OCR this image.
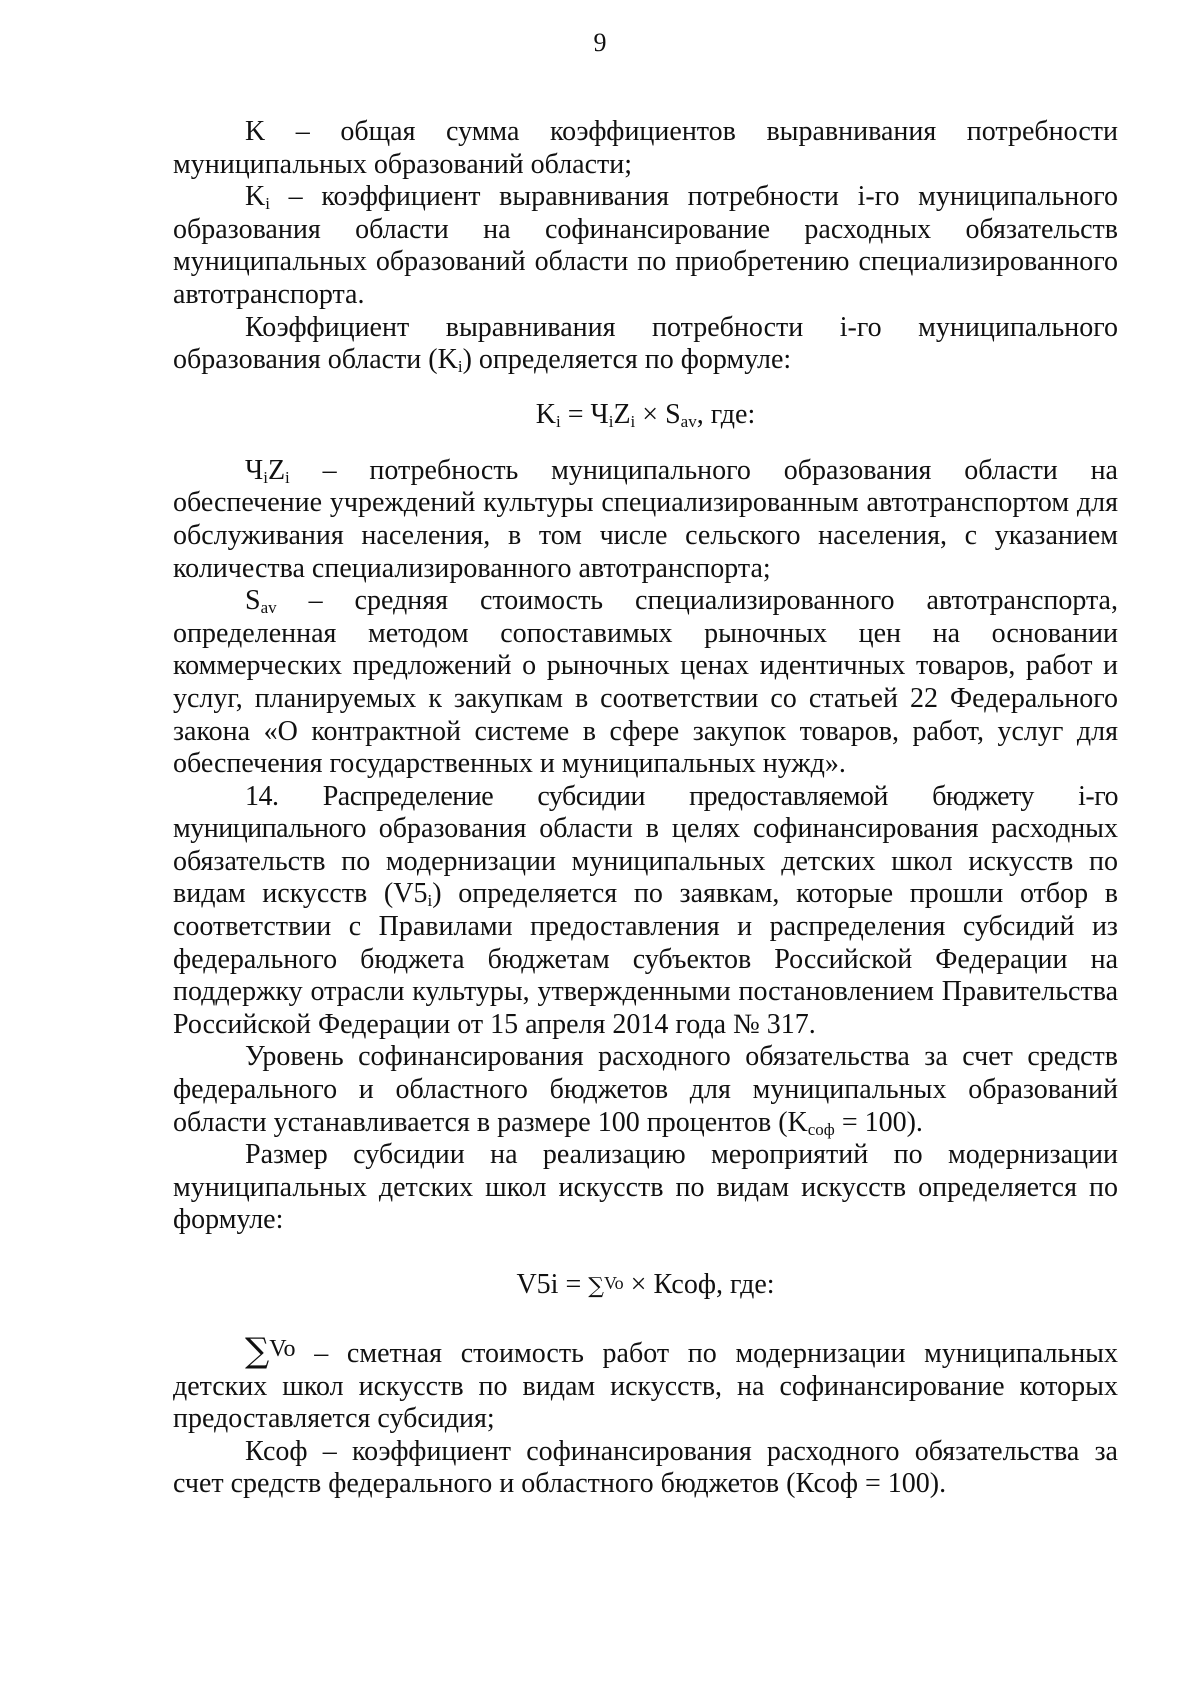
9

K – общая сумма коэффициентов выравнивания потребности муниципальных образований области;

$K_i$ – коэффициент выравнивания потребности i-го муниципального образования области на софинансирование расходных обязательств муниципальных образований области по приобретению специализированного автотранспорта.

Коэффициент выравнивания потребности i-го муниципального образования области $(K_i)$ определяется по формуле:

$K_i = Ч_iZ_i \times S_{av}$, где:

$Ч_iZ_i$ – потребность муниципального образования области на обеспечение учреждений культуры специализированным автотранспортом для обслуживания населения, в том числе сельского населения, с указанием количества специализированного автотранспорта;

$S_{av}$ – средняя стоимость специализированного автотранспорта, определенная методом сопоставимых рыночных цен на основании коммерческих предложений о рыночных ценах идентичных товаров, работ и услуг, планируемых к закупкам в соответствии со статьей 22 Федерального закона «О контрактной системе в сфере закупок товаров, работ, услуг для обеспечения государственных и муниципальных нужд».

14. Распределение субсидии предоставляемой бюджету i-го муниципального образования области в целях софинансирования расходных обязательств по модернизации муниципальных детских школ искусств по видам искусств $(V5_i)$ определяется по заявкам, которые прошли отбор в соответствии с Правилами предоставления и распределения субсидий из федерального бюджета бюджетам субъектов Российской Федерации на поддержку отрасли культуры, утвержденными постановлением Правительства Российской Федерации от 15 апреля 2014 года № 317.

Уровень софинансирования расходного обязательства за счет средств федерального и областного бюджетов для муниципальных образований области устанавливается в размере 100 процентов $(K_{соф} = 100)$.

Размер субсидии на реализацию мероприятий по модернизации муниципальных детских школ искусств по видам искусств определяется по формуле:

V5i = ∑Vo × Ксоф, где:

∑Vo – сметная стоимость работ по модернизации муниципальных детских школ искусств по видам искусств, на софинансирование которых предоставляется субсидия;

Ксоф – коэффициент софинансирования расходного обязательства за счет средств федерального и областного бюджетов (Ксоф = 100).
